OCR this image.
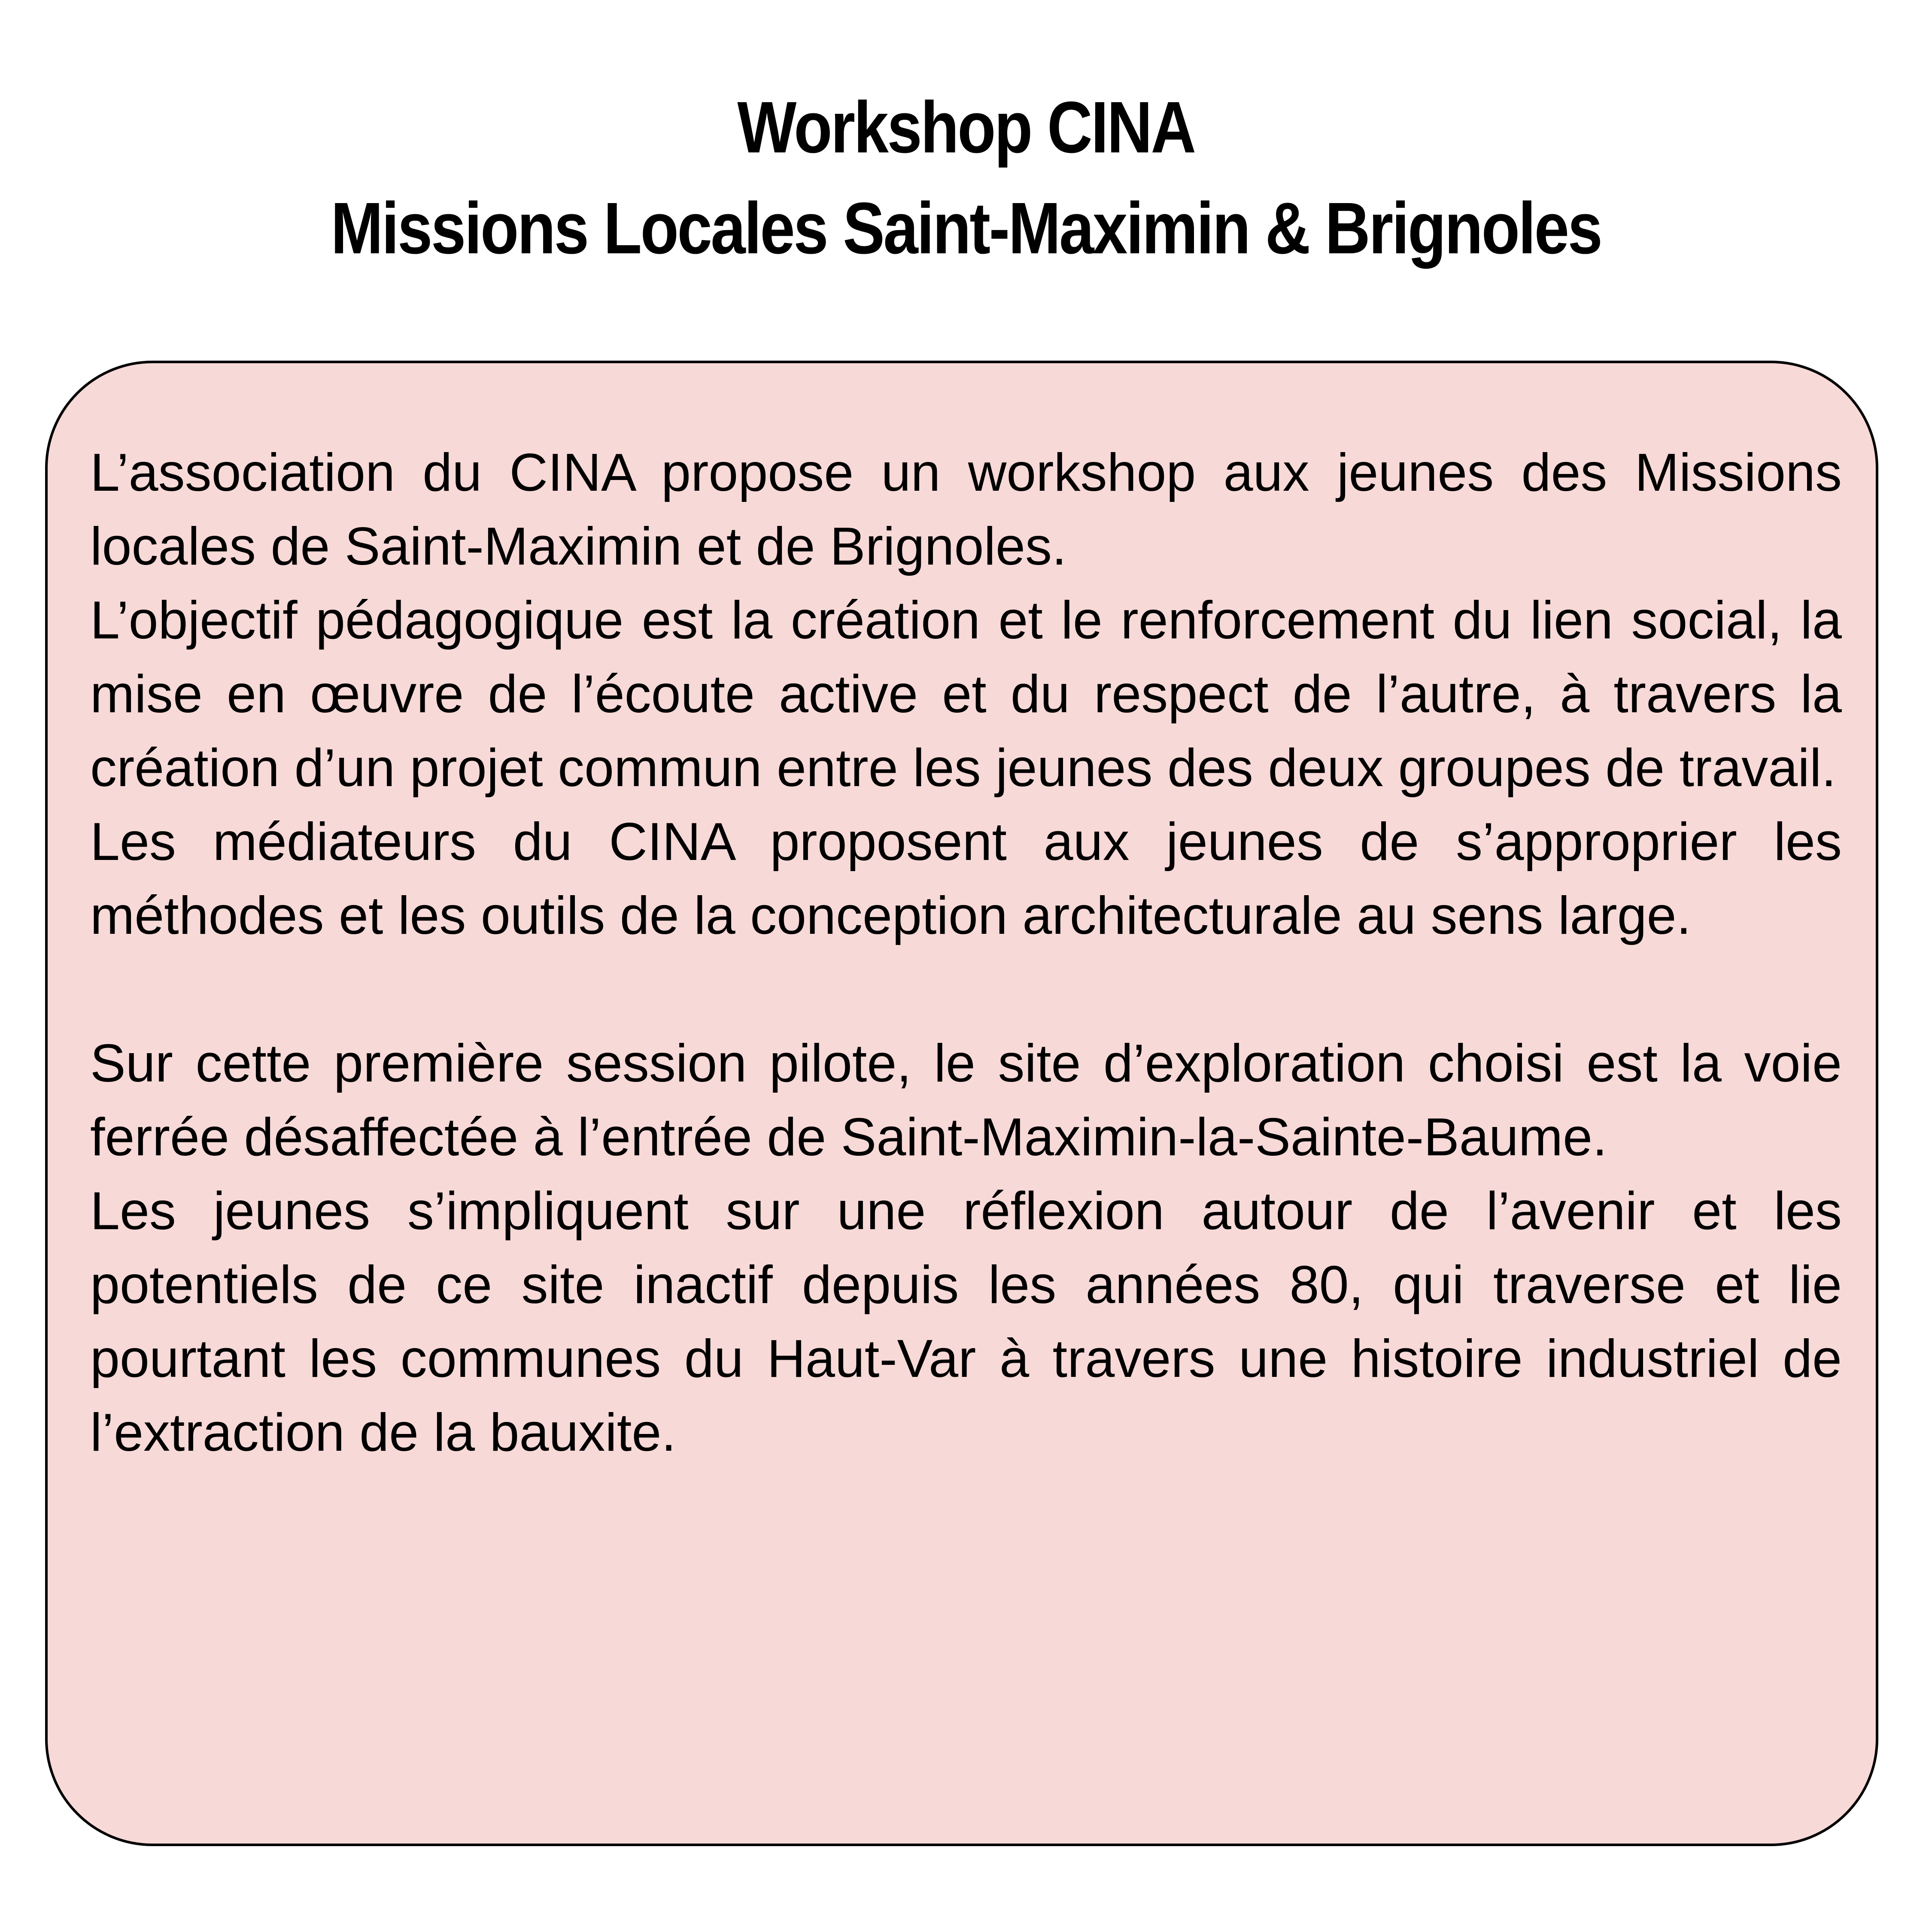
Workshop CINA
Missions Locales Saint-Maximin & Brignoles

L’association du CINA propose un workshop aux jeunes des Missions locales de Saint-Maximin et de Brignoles.

L’objectif pédagogique est la création et le renforcement du lien social, la mise en œuvre de l’écoute active et du respect de l’autre, à travers la création d’un projet commun entre les jeunes des deux groupes de travail.

Les médiateurs du CINA proposent aux jeunes de s’approprier les méthodes et les outils de la conception architecturale au sens large.

Sur cette première session pilote, le site d’exploration choisi est la voie ferrée désaffectée à l’entrée de Saint-Maximin-la-Sainte-Baume.

Les jeunes s’impliquent sur une réflexion autour de l’avenir et les potentiels de ce site inactif depuis les années 80, qui traverse et lie pourtant les communes du Haut-Var à travers une histoire industriel de l’extraction de la bauxite.
